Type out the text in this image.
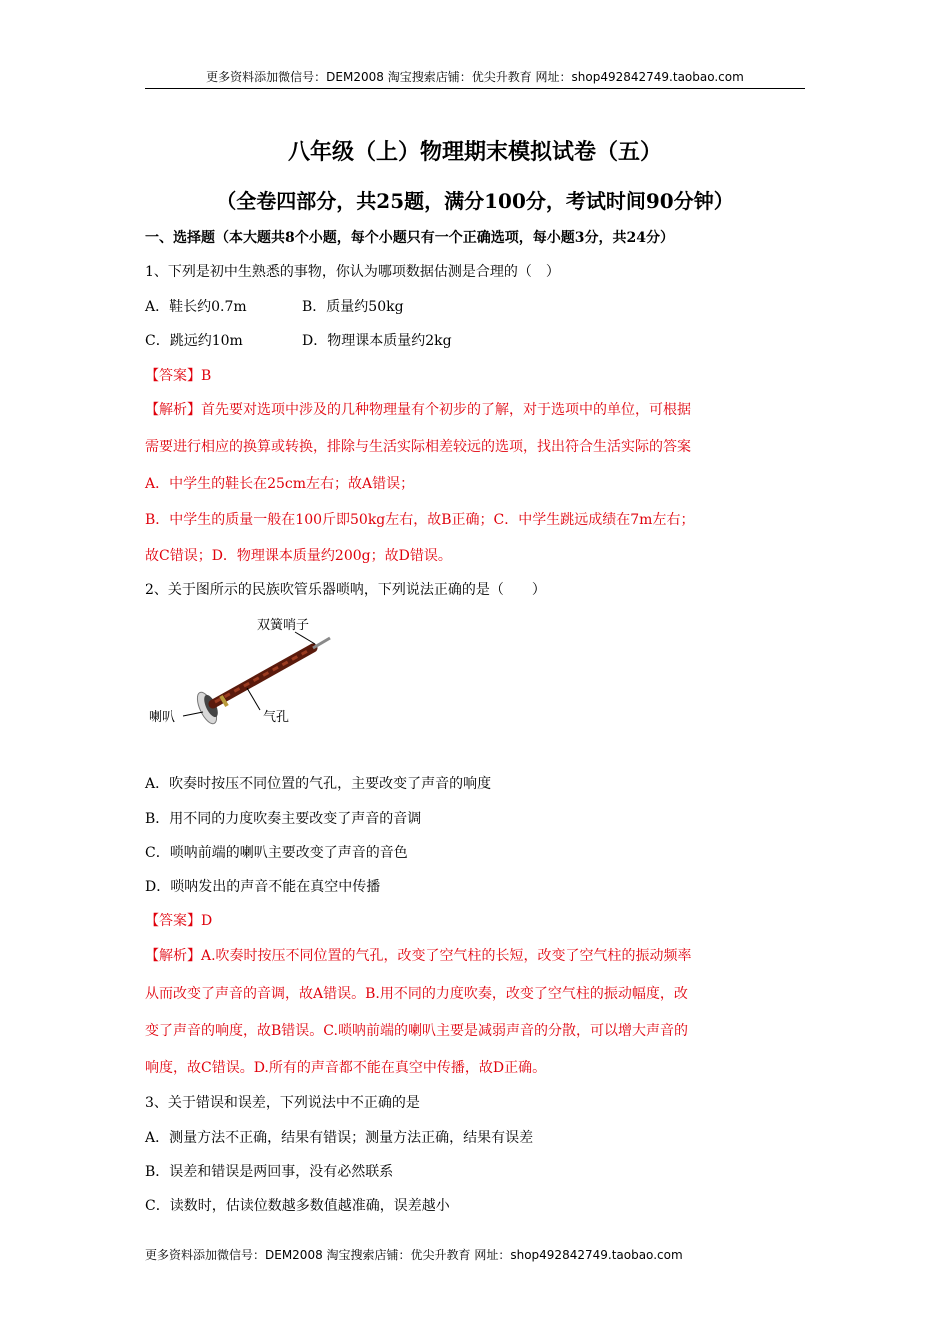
更多资料添加微信号：DEM2008 淘宝搜索店铺：优尖升教育 网址：shop492842749.taobao.com
八年级（上）物理期末模拟试卷（五）
（全卷四部分，共25题，满分100分，考试时间90分钟）
一、选择题（本大题共8个小题，每个小题只有一个正确选项，每小题3分，共24分）
1、下列是初中生熟悉的事物，你认为哪项数据估测是合理的（　）
A．鞋长约0.7m	B．质量约50kg
C．跳远约10m	D．物理课本质量约2kg
【答案】B
【解析】首先要对选项中涉及的几种物理量有个初步的了解，对于选项中的单位，可根据
需要进行相应的换算或转换，排除与生活实际相差较远的选项，找出符合生活实际的答案
A．中学生的鞋长在25cm左右；故A错误；
B．中学生的质量一般在100斤即50kg左右，故B正确；C．中学生跳远成绩在7m左右；
故C错误；D．物理课本质量约200g；故D错误。
2、关于图所示的民族吹管乐器唢呐，下列说法正确的是（　　）
双簧哨子
喇叭	气孔
A．吹奏时按压不同位置的气孔，主要改变了声音的响度
B．用不同的力度吹奏主要改变了声音的音调
C．唢呐前端的喇叭主要改变了声音的音色
D．唢呐发出的声音不能在真空中传播
【答案】D
【解析】A.吹奏时按压不同位置的气孔，改变了空气柱的长短，改变了空气柱的振动频率
从而改变了声音的音调，故A错误。B.用不同的力度吹奏，改变了空气柱的振动幅度，改
变了声音的响度，故B错误。C.唢呐前端的喇叭主要是减弱声音的分散，可以增大声音的
响度，故C错误。D.所有的声音都不能在真空中传播，故D正确。
3、关于错误和误差，下列说法中不正确的是
A．测量方法不正确，结果有错误；测量方法正确，结果有误差
B．误差和错误是两回事，没有必然联系
C．读数时，估读位数越多数值越准确，误差越小
更多资料添加微信号：DEM2008 淘宝搜索店铺：优尖升教育 网址：shop492842749.taobao.com
